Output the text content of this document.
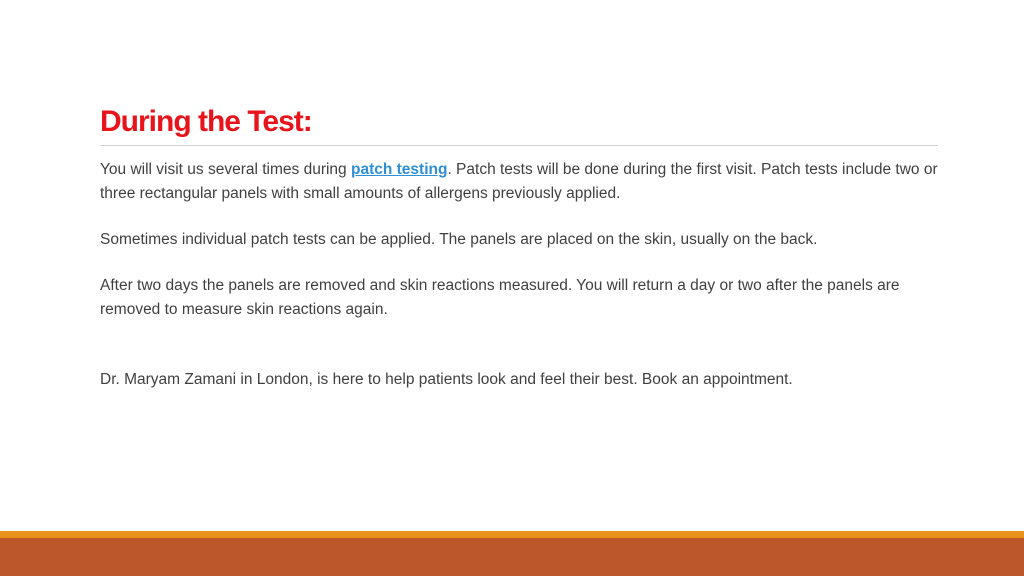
During the Test:

You will visit us several times during patch testing. Patch tests will be done during the first visit. Patch tests include two or three rectangular panels with small amounts of allergens previously applied.

Sometimes individual patch tests can be applied. The panels are placed on the skin, usually on the back.

After two days the panels are removed and skin reactions measured. You will return a day or two after the panels are removed to measure skin reactions again.

Dr. Maryam Zamani in London, is here to help patients look and feel their best. Book an appointment.
